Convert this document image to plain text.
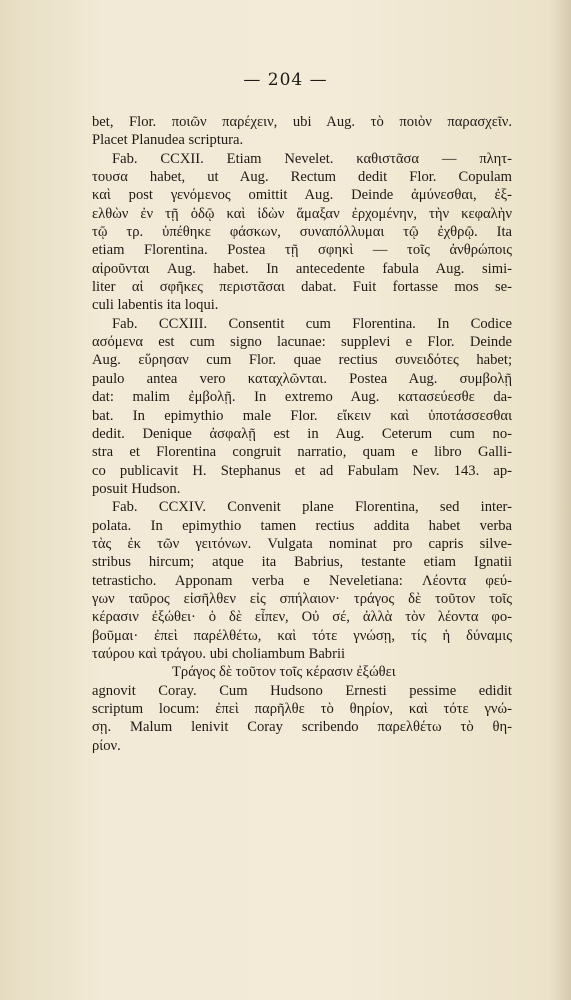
— 204 —
bet, Flor. ποιῶν παρέχειν, ubi Aug. τὸ ποιὸν παρασχεῖν.
Placet Planudea scriptura.
Fab. CCXII. Etiam Nevelet. καθιστᾶσα — πλητ-
τουσα habet, ut Aug. Rectum dedit Flor. Copulam
καὶ post γενόμενος omittit Aug. Deinde ἀμύνεσθαι, ἐξ-
ελθὼν ἐν τῇ ὁδῷ καὶ ἰδὼν ἅμαξαν ἐρχομένην, τὴν κεφαλὴν
τῷ τρ. ὑπέθηκε φάσκων, συναπόλλυμαι τῷ ἐχθρῷ. Ita
etiam Florentina. Postea τῇ σφηκὶ — τοῖς ἀνθρώποις
αἱροῦνται Aug. habet. In antecedente fabula Aug. simi-
liter αἱ σφῆκες περιστᾶσαι dabat. Fuit fortasse mos se-
culi labentis ita loqui.
Fab. CCXIII. Consentit cum Florentina. In Codice
ασόμενα est cum signo lacunae: supplevi e Flor. Deinde
Aug. εὕρησαν cum Flor. quae rectius συνειδότες habet;
paulo antea vero καταχλῶνται. Postea Aug. συμβολῇ
dat: malim ἐμβολῇ. In extremo Aug. κατασεύεσθε da-
bat. In epimythio male Flor. εἴκειν καὶ ὑποτάσσεσθαι
dedit. Denique ἀσφαλῇ est in Aug. Ceterum cum no-
stra et Florentina congruit narratio, quam e libro Galli-
co publicavit H. Stephanus et ad Fabulam Nev. 143. ap-
posuit Hudson.
Fab. CCXIV. Convenit plane Florentina, sed inter-
polata. In epimythio tamen rectius addita habet verba
τὰς ἐκ τῶν γειτόνων. Vulgata nominat pro capris silve-
stribus hircum; atque ita Babrius, testante etiam Ignatii
tetrasticho. Apponam verba e Neveletiana: Λέοντα φεύ-
γων ταῦρος εἰσῆλθεν εἰς σπήλαιον· τράγος δὲ τοῦτον τοῖς
κέρασιν ἐξώθει· ὁ δὲ εἶπεν, Οὐ σέ, ἀλλὰ τὸν λέοντα φο-
βοῦμαι· ἐπεὶ παρέλθέτω, καὶ τότε γνώσῃ, τίς ἡ δύναμις
ταύρου καὶ τράγου. ubi choliambum Babrii
Τράγος δὲ τοῦτον τοῖς κέρασιν ἐξώθει
agnovit Coray. Cum Hudsono Ernesti pessime edidit
scriptum locum: ἐπεὶ παρῆλθε τὸ θηρίον, καὶ τότε γνώ-
σῃ. Malum lenivit Coray scribendo παρελθέτω τὸ θη-
ρίον.
